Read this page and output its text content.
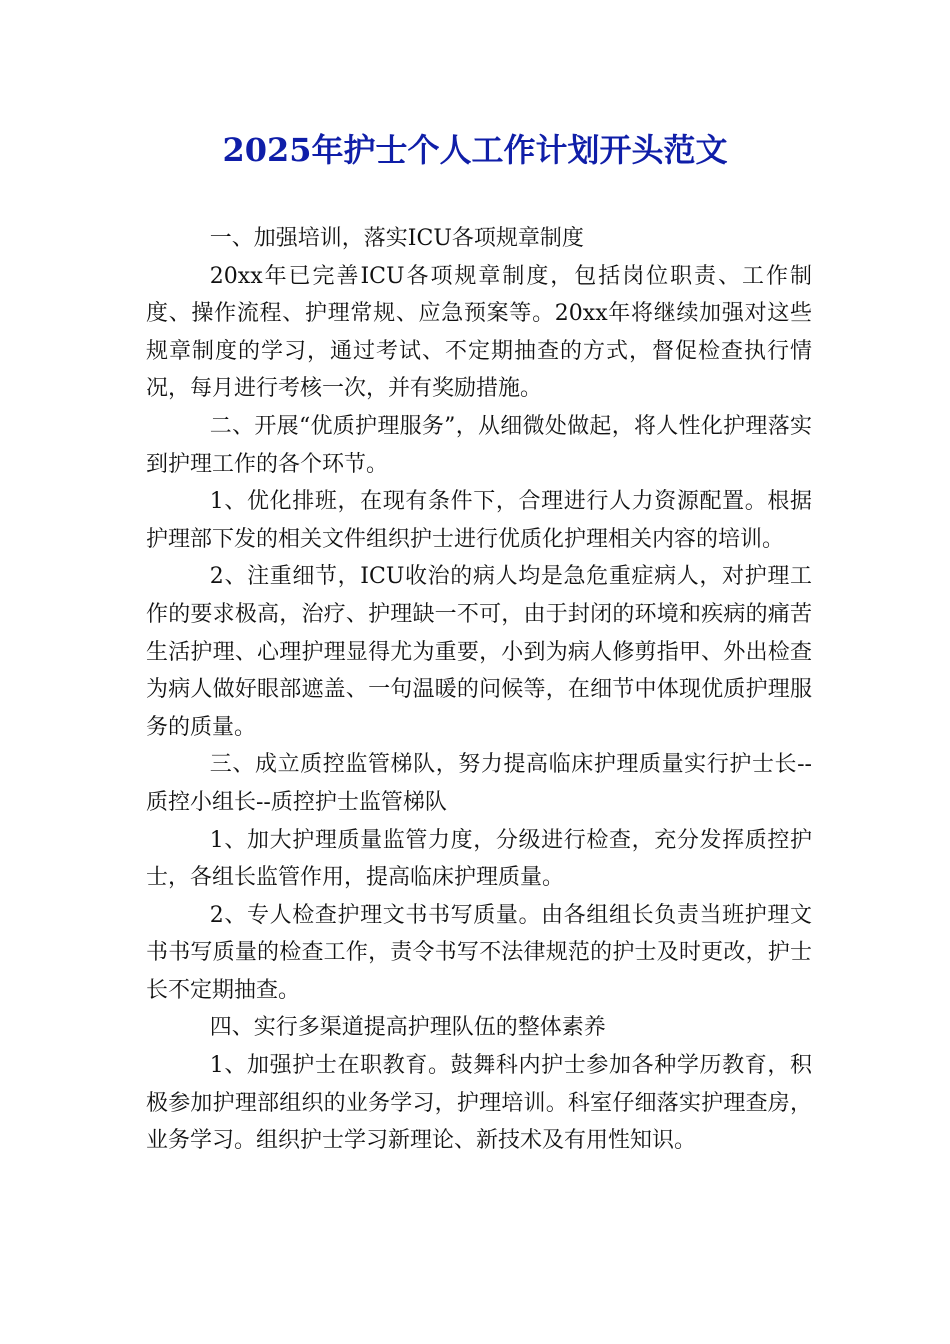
2025年护士个人工作计划开头范文

一、加强培训，落实ICU各项规章制度

20xx年已完善ICU各项规章制度，包括岗位职责、工作制度、操作流程、护理常规、应急预案等。20xx年将继续加强对这些规章制度的学习，通过考试、不定期抽查的方式，督促检查执行情况，每月进行考核一次，并有奖励措施。

二、开展“优质护理服务”，从细微处做起，将人性化护理落实到护理工作的各个环节。

1、优化排班，在现有条件下，合理进行人力资源配置。根据护理部下发的相关文件组织护士进行优质化护理相关内容的培训。

2、注重细节，ICU收治的病人均是急危重症病人，对护理工作的要求极高，治疗、护理缺一不可，由于封闭的环境和疾病的痛苦生活护理、心理护理显得尤为重要，小到为病人修剪指甲、外出检查为病人做好眼部遮盖、一句温暖的问候等，在细节中体现优质护理服务的质量。

三、成立质控监管梯队，努力提高临床护理质量实行护士长--质控小组长--质控护士监管梯队

1、加大护理质量监管力度，分级进行检查，充分发挥质控护士，各组长监管作用，提高临床护理质量。

2、专人检查护理文书书写质量。由各组组长负责当班护理文书书写质量的检查工作，责令书写不法律规范的护士及时更改，护士长不定期抽查。

四、实行多渠道提高护理队伍的整体素养

1、加强护士在职教育。鼓舞科内护士参加各种学历教育，积极参加护理部组织的业务学习，护理培训。科室仔细落实护理查房，业务学习。组织护士学习新理论、新技术及有用性知识。
